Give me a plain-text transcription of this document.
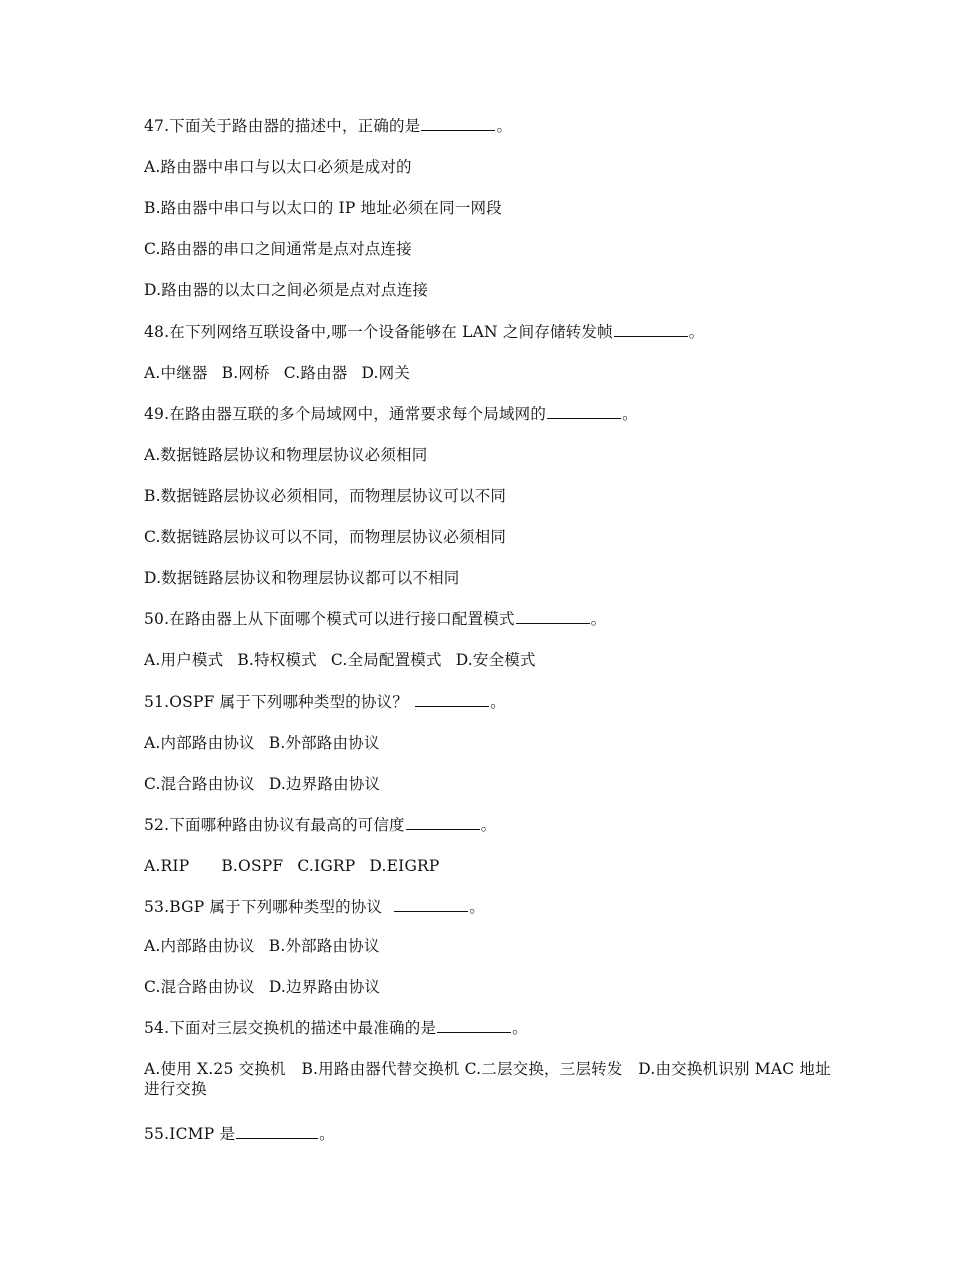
47.下面关于路由器的描述中，正确的是	。
A.路由器中串口与以太口必须是成对的
B.路由器中串口与以太口的 IP 地址必须在同一网段
C.路由器的串口之间通常是点对点连接
D.路由器的以太口之间必须是点对点连接
48.在下列网络互联设备中,哪一个设备能够在 LAN 之间存储转发帧	。
A.中继器 B.网桥 C.路由器 D.网关
49.在路由器互联的多个局域网中，通常要求每个局域网的	。
A.数据链路层协议和物理层协议必须相同
B.数据链路层协议必须相同，而物理层协议可以不同
C.数据链路层协议可以不同，而物理层协议必须相同
D.数据链路层协议和物理层协议都可以不相同
50.在路由器上从下面哪个模式可以进行接口配置模式	。
A.用户模式 B.特权模式 C.全局配置模式 D.安全模式
51.OSPF 属于下列哪种类型的协议？	。
A.内部路由协议 B.外部路由协议
C.混合路由协议 D.边界路由协议
52.下面哪种路由协议有最高的可信度	。
A.RIP B.OSPF C.IGRP D.EIGRP
53.BGP 属于下列哪种类型的协议	。
A.内部路由协议 B.外部路由协议
C.混合路由协议 D.边界路由协议
54.下面对三层交换机的描述中最准确的是	。
A.使用 X.25 交换机　B.用路由器代替交换机 C.二层交换，三层转发　D.由交换机识别 MAC 地址进行交换
55.ICMP 是	。
